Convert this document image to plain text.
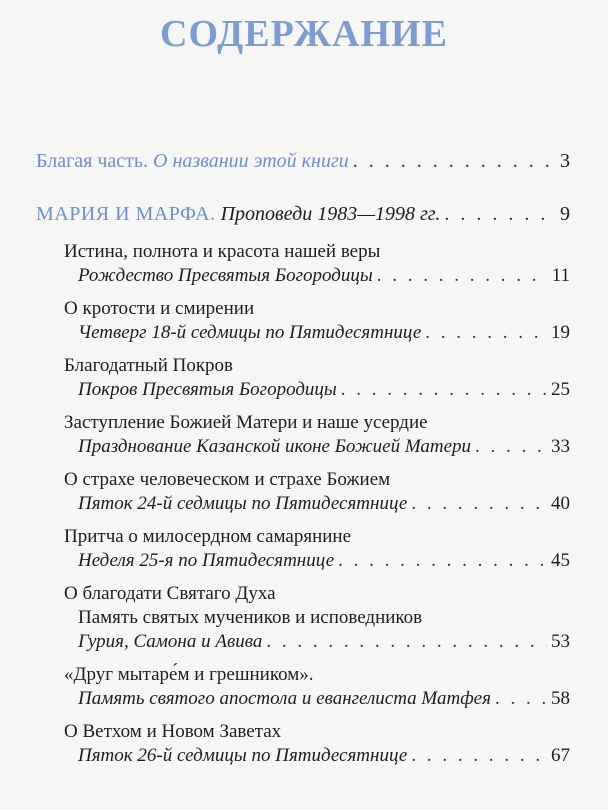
СОДЕРЖАНИЕ
Благая часть.
О названии этой книги . . .	3
МАРИЯ И МАРФА.
Проповеди 1983—1998 гг. . . .	9
Истина, полнота и красота нашей веры
Рождество Пресвятыя Богородицы . . .	11
О кротости и смирении
Четверг 18-й седмицы по Пятидесятнице . . .	19
Благодатный Покров
Покров Пресвятыя Богородицы . . .	25
Заступление Божией Матери и наше усердие
Празднование Казанской иконе Божией Матери . . .	33
О страхе человеческом и страхе Божием
Пяток 24-й седмицы по Пятидесятнице . . .	40
Притча о милосердном самарянине
Неделя 25-я по Пятидесятнице . . .	45
О благодати Святаго Духа
Память святых мучеников и исповедников
Гурия, Самона и Авива . . .	53
«Друг мытаре́м и грешником».
Память святого апостола и евангелиста Матфея . . .	58
О Ветхом и Новом Заветах
Пяток 26-й седмицы по Пятидесятнице . . .	67
